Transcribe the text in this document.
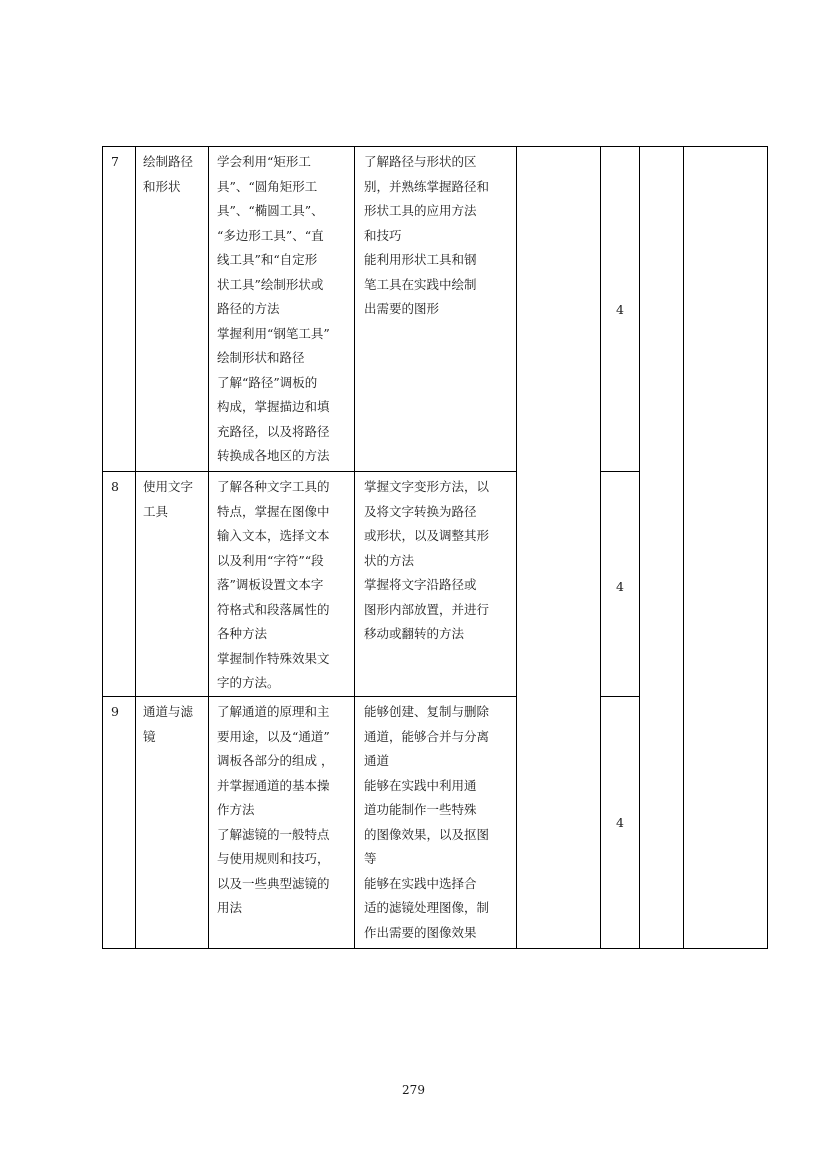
7 绘制路径

和形状

学会利用“矩形工

具”、“圆角矩形工

具”、“椭圆工具”、

“多边形工具”、“直

线工具”和“自定形

状工具”绘制形状或

路径的方法

掌握利用“钢笔工具”

绘制形状和路径

了解“路径”调板的

构成，掌握描边和填

充路径，以及将路径

转换成各地区的方法

了解路径与形状的区

别，并熟练掌握路径和

形状工具的应用方法

和技巧

能利用形状工具和钢

笔工具在实践中绘制

出需要的图形	4
8 使用文字

工具

了解各种文字工具的

特点，掌握在图像中

输入文本，选择文本

以及利用“字符”“段

落”调板设置文本字

符格式和段落属性的

各种方法

掌握制作特殊效果文

字的方法。

掌握文字变形方法，以

及将文字转换为路径

或形状，以及调整其形

状的方法

掌握将文字沿路径或

图形内部放置，并进行

移动或翻转的方法

4
9 通道与滤

镜

了解通道的原理和主

要用途，以及“通道”

调板各部分的组成 ，

并掌握通道的基本操

作方法

了解滤镜的一般特点

与使用规则和技巧，

以及一些典型滤镜的

用法

能够创建、复制与删除

通道，能够合并与分离

通道

能够在实践中利用通

道功能制作一些特殊

的图像效果，以及抠图

等

能够在实践中选择合

适的滤镜处理图像，制

作出需要的图像效果

4
279
